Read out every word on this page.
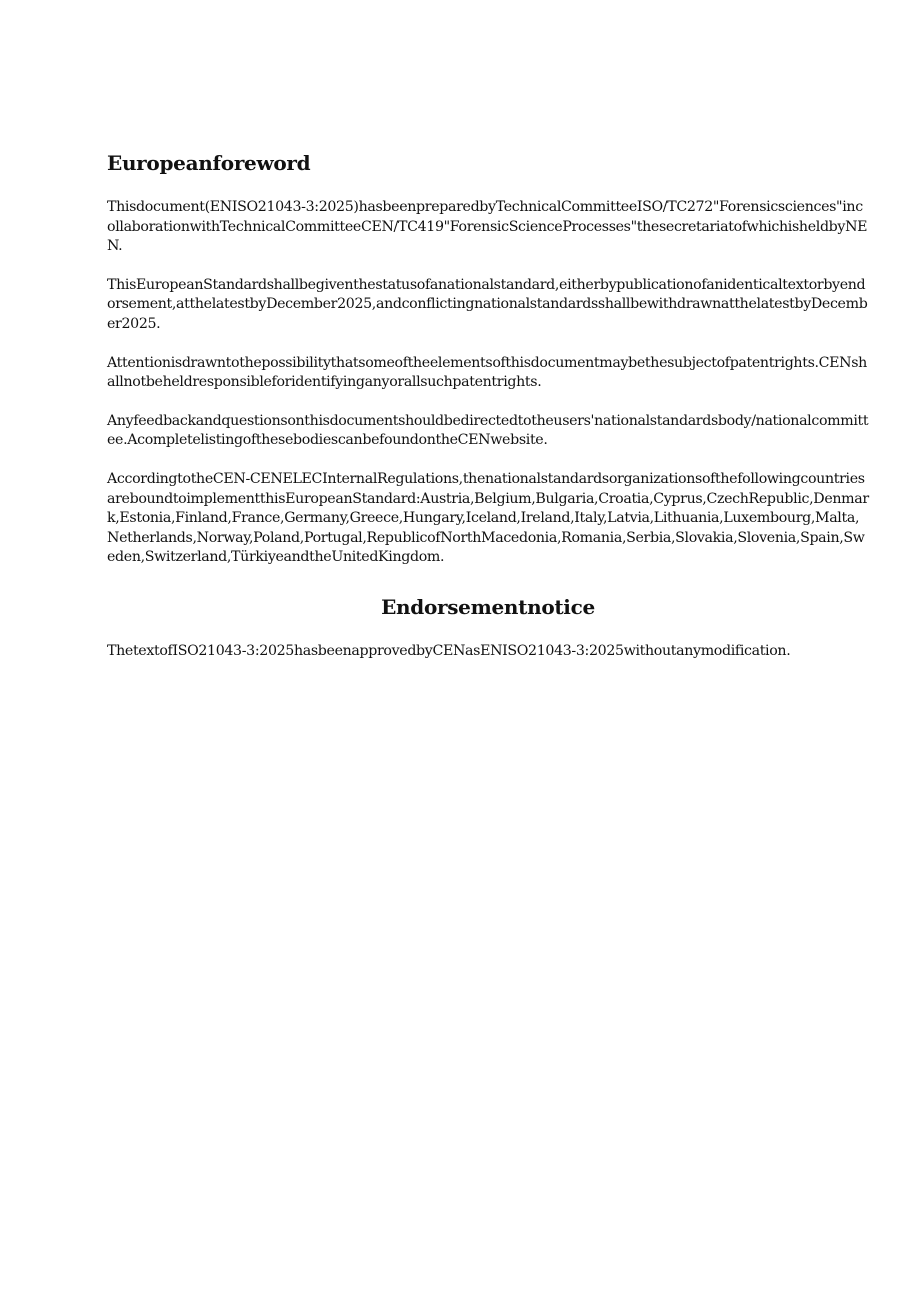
Europeanforeword

Thisdocument(ENISO21043-3:2025)hasbeenpreparedbyTechnicalCommitteeISO/TC272"Forensicsciences"incollaborationwithTechnicalCommitteeCEN/TC419"ForensicScienceProcesses"thesecretariatofwhichisheldbyNEN.

ThisEuropeanStandardshallbegiventhestatusofanationalstandard,eitherbypublicationofanidenticaltextorbyendorsement,atthelatestbyDecember2025,andconflictingnationalstandardsshallbewithdrawnatthelatestbyDecember2025.

Attentionisdrawntothepossibilitythatsomeoftheelementsofthisdocumentmaybethesubjectofpatentrights.CENshallnotbeheldresponsibleforidentifyinganyorallsuchpatentrights.

Anyfeedbackandquestionsonthisdocumentshouldbedirectedtotheusers'nationalstandardsbody/nationalcommittee.AcompletelistingofthesebodiescanbefoundontheCENwebsite.

AccordingtotheCEN-CENELECInternalRegulations,thenationalstandardsorganizationsofthefollowingcountriesareboundtoimplementthisEuropeanStandard:Austria,Belgium,Bulgaria,Croatia,Cyprus,CzechRepublic,Denmark,Estonia,Finland,France,Germany,Greece,Hungary,Iceland,Ireland,Italy,Latvia,Lithuania,Luxembourg,Malta,Netherlands,Norway,Poland,Portugal,RepublicofNorthMacedonia,Romania,Serbia,Slovakia,Slovenia,Spain,Sweden,Switzerland,TürkiyeandtheUnitedKingdom.

Endorsementnotice

ThetextofISO21043-3:2025hasbeenapprovedbyCENasENISO21043-3:2025withoutanymodification.
